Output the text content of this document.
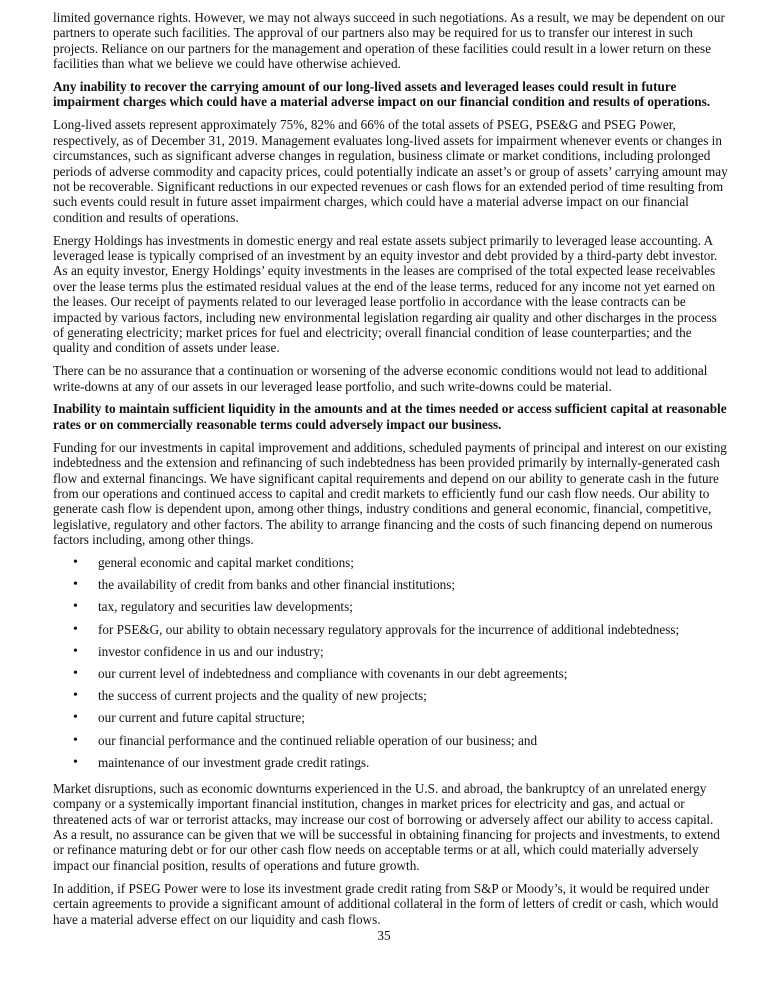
limited governance rights. However, we may not always succeed in such negotiations. As a result, we may be dependent on our
partners to operate such facilities. The approval of our partners also may be required for us to transfer our interest in such
projects. Reliance on our partners for the management and operation of these facilities could result in a lower return on these
facilities than what we believe we could have otherwise achieved.

Any inability to recover the carrying amount of our long-lived assets and leveraged leases could result in future
impairment charges which could have a material adverse impact on our financial condition and results of operations.

Long-lived assets represent approximately 75%, 82% and 66% of the total assets of PSEG, PSE&G and PSEG Power,
respectively, as of December 31, 2019. Management evaluates long-lived assets for impairment whenever events or changes in
circumstances, such as significant adverse changes in regulation, business climate or market conditions, including prolonged
periods of adverse commodity and capacity prices, could potentially indicate an asset’s or group of assets’ carrying amount may
not be recoverable. Significant reductions in our expected revenues or cash flows for an extended period of time resulting from
such events could result in future asset impairment charges, which could have a material adverse impact on our financial
condition and results of operations.

Energy Holdings has investments in domestic energy and real estate assets subject primarily to leveraged lease accounting. A
leveraged lease is typically comprised of an investment by an equity investor and debt provided by a third-party debt investor.
As an equity investor, Energy Holdings’ equity investments in the leases are comprised of the total expected lease receivables
over the lease terms plus the estimated residual values at the end of the lease terms, reduced for any income not yet earned on
the leases. Our receipt of payments related to our leveraged lease portfolio in accordance with the lease contracts can be
impacted by various factors, including new environmental legislation regarding air quality and other discharges in the process
of generating electricity; market prices for fuel and electricity; overall financial condition of lease counterparties; and the
quality and condition of assets under lease.

There can be no assurance that a continuation or worsening of the adverse economic conditions would not lead to additional
write-downs at any of our assets in our leveraged lease portfolio, and such write-downs could be material.

Inability to maintain sufficient liquidity in the amounts and at the times needed or access sufficient capital at reasonable
rates or on commercially reasonable terms could adversely impact our business.

Funding for our investments in capital improvement and additions, scheduled payments of principal and interest on our existing
indebtedness and the extension and refinancing of such indebtedness has been provided primarily by internally-generated cash
flow and external financings. We have significant capital requirements and depend on our ability to generate cash in the future
from our operations and continued access to capital and credit markets to efficiently fund our cash flow needs. Our ability to
generate cash flow is dependent upon, among other things, industry conditions and general economic, financial, competitive,
legislative, regulatory and other factors. The ability to arrange financing and the costs of such financing depend on numerous
factors including, among other things.

• general economic and capital market conditions;
• the availability of credit from banks and other financial institutions;
• tax, regulatory and securities law developments;
• for PSE&G, our ability to obtain necessary regulatory approvals for the incurrence of additional indebtedness;
• investor confidence in us and our industry;
• our current level of indebtedness and compliance with covenants in our debt agreements;
• the success of current projects and the quality of new projects;
• our current and future capital structure;
• our financial performance and the continued reliable operation of our business; and
• maintenance of our investment grade credit ratings.

Market disruptions, such as economic downturns experienced in the U.S. and abroad, the bankruptcy of an unrelated energy
company or a systemically important financial institution, changes in market prices for electricity and gas, and actual or
threatened acts of war or terrorist attacks, may increase our cost of borrowing or adversely affect our ability to access capital.
As a result, no assurance can be given that we will be successful in obtaining financing for projects and investments, to extend
or refinance maturing debt or for our other cash flow needs on acceptable terms or at all, which could materially adversely
impact our financial position, results of operations and future growth.

In addition, if PSEG Power were to lose its investment grade credit rating from S&P or Moody’s, it would be required under
certain agreements to provide a significant amount of additional collateral in the form of letters of credit or cash, which would
have a material adverse effect on our liquidity and cash flows.

35
